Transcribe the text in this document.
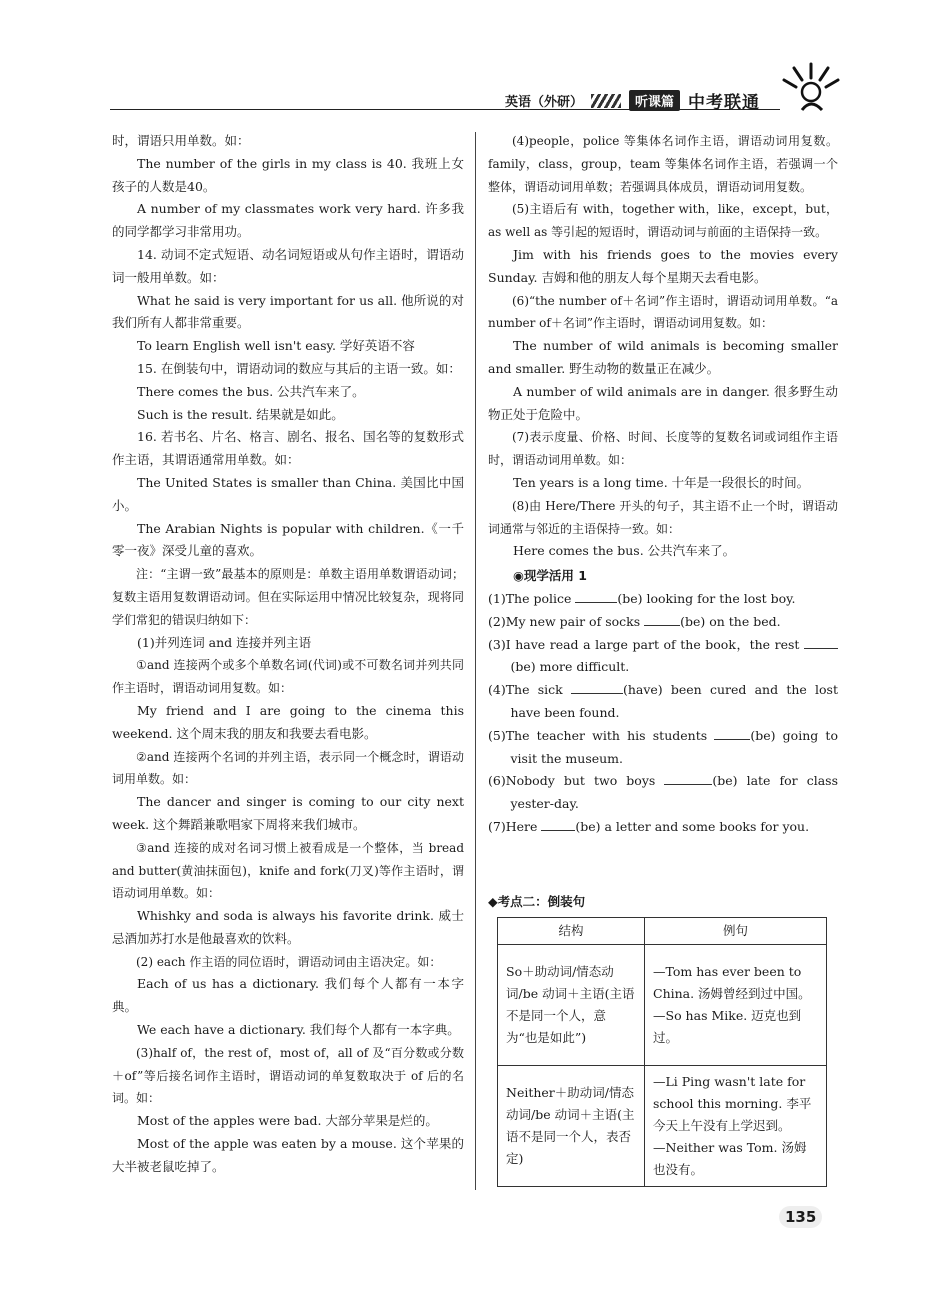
英语（外研）	听课篇 中考联通

时，谓语只用单数。如：

The number of the girls in my class is 40. 我班上女孩子的人数是40。

A number of my classmates work very hard. 许多我的同学都学习非常用功。

14. 动词不定式短语、动名词短语或从句作主语时，谓语动词一般用单数。如：

What he said is very important for us all. 他所说的对我们所有人都非常重要。

To learn English well isn't easy. 学好英语不容

15. 在倒装句中，谓语动词的数应与其后的主语一致。如：

There comes the bus. 公共汽车来了。

Such is the result. 结果就是如此。

16. 若书名、片名、格言、剧名、报名、国名等的复数形式作主语，其谓语通常用单数。如：

The United States is smaller than China. 美国比中国小。

The Arabian Nights is popular with children.《一千零一夜》深受儿童的喜欢。

注：“主谓一致”最基本的原则是：单数主语用单数谓语动词；复数主语用复数谓语动词。但在实际运用中情况比较复杂，现将同学们常犯的错误归纳如下：

(1)并列连词 and 连接并列主语

①and 连接两个或多个单数名词(代词)或不可数名词并列共同作主语时，谓语动词用复数。如：

My friend and I are going to the cinema this weekend. 这个周末我的朋友和我要去看电影。

②and 连接两个名词的并列主语，表示同一个概念时，谓语动词用单数。如：

The dancer and singer is coming to our city next week. 这个舞蹈兼歌唱家下周将来我们城市。

③and 连接的成对名词习惯上被看成是一个整体，当 bread and butter(黄油抹面包)，knife and fork(刀叉)等作主语时，谓语动词用单数。如：

Whishky and soda is always his favorite drink. 威士忌酒加苏打水是他最喜欢的饮料。

(2) each 作主语的同位语时，谓语动词由主语决定。如：

Each of us has a dictionary. 我们每个人都有一本字典。

We each have a dictionary. 我们每个人都有一本字典。

(3)half of，the rest of，most of，all of 及“百分数或分数＋of”等后接名词作主语时，谓语动词的单复数取决于 of 后的名词。如：

Most of the apples were bad. 大部分苹果是烂的。

Most of the apple was eaten by a mouse. 这个苹果的大半被老鼠吃掉了。

(4)people，police 等集体名词作主语，谓语动词用复数。family，class，group，team 等集体名词作主语，若强调一个整体，谓语动词用单数；若强调具体成员，谓语动词用复数。

(5)主语后有 with，together with，like，except，but，as well as 等引起的短语时，谓语动词与前面的主语保持一致。

Jim with his friends goes to the movies every Sunday. 吉姆和他的朋友人每个星期天去看电影。

(6)“the number of＋名词”作主语时，谓语动词用单数。“a number of＋名词”作主语时，谓语动词用复数。如：

The number of wild animals is becoming smaller and smaller. 野生动物的数量正在减少。

A number of wild animals are in danger. 很多野生动物正处于危险中。

(7)表示度量、价格、时间、长度等的复数名词或词组作主语时，谓语动词用单数。如：

Ten years is a long time. 十年是一段很长的时间。

(8)由 Here/There 开头的句子，其主语不止一个时，谓语动词通常与邻近的主语保持一致。如：

Here comes the bus. 公共汽车来了。

◉现学活用 1

(1)The police	(be) looking for the lost boy.

(2)My new pair of socks	(be) on the bed.

(3)I have read a large part of the book，the rest (be) more difficult.

(4)The sick	(have) been cured and the lost have been found.

(5)The teacher with his students	(be) going to visit the museum.

(6)Nobody but two boys	(be) late for class yester-day.

(7)Here	(be) a letter and some books for you.

◆考点二：倒装句
结构	例句
So＋助动词/情态动词/be 动词＋主语(主语不是同一个人，意为“也是如此”)	—Tom has ever been to China. 汤姆曾经到过中国。
—So has Mike. 迈克也到过。
Neither＋助动词/情态动词/be 动词＋主语(主语不是同一个人，表否定)	—Li Ping wasn't late for school this morning. 李平今天上午没有上学迟到。
—Neither was Tom. 汤姆也没有。
135
